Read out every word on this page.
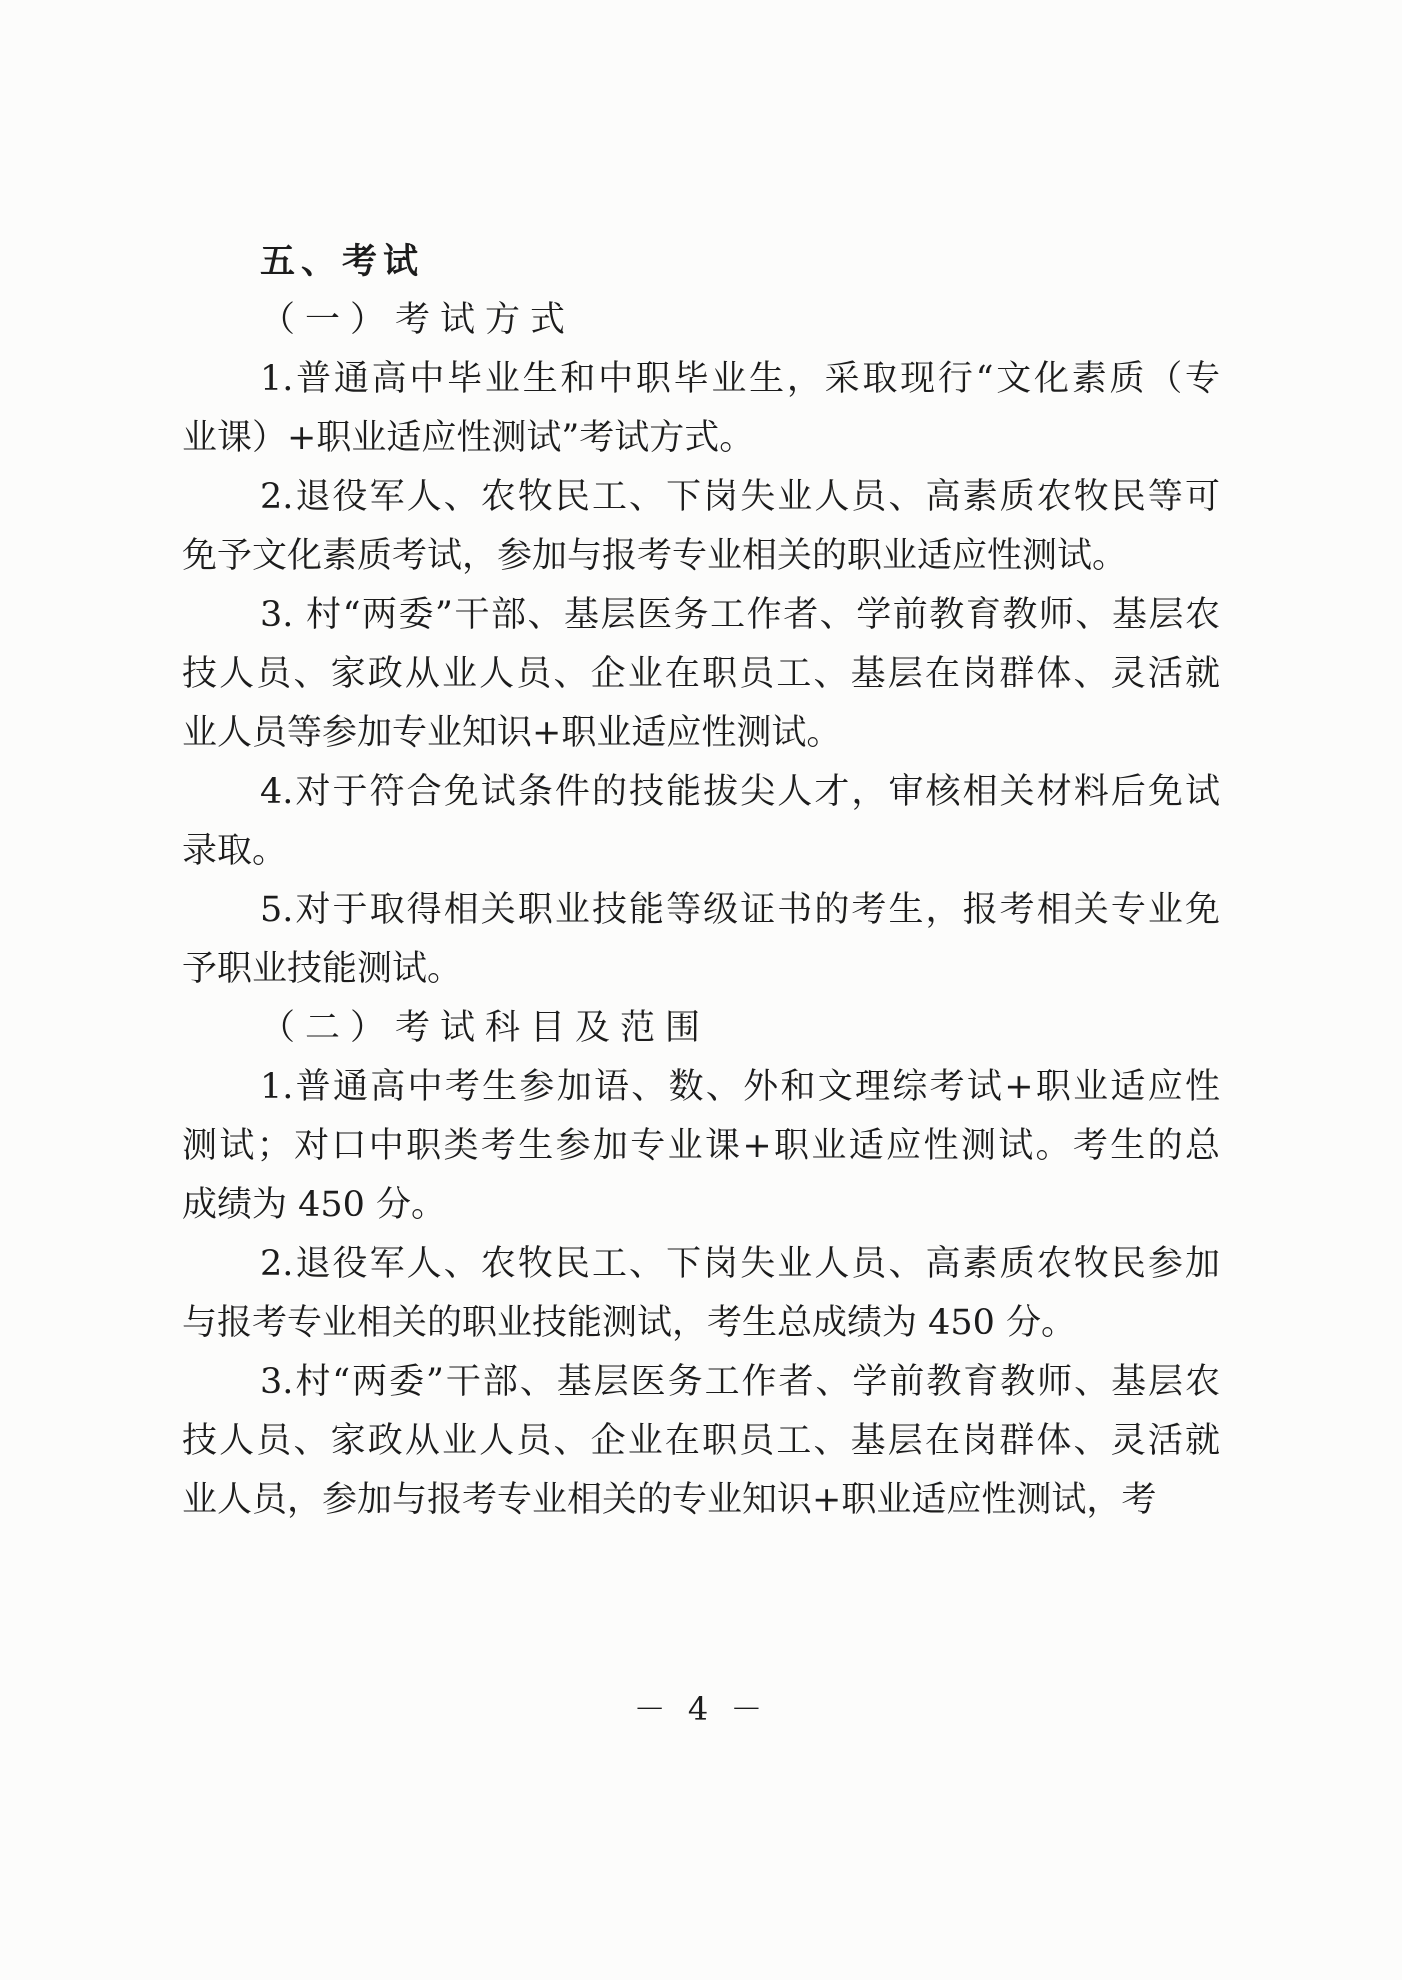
五、考试
（一）考试方式
1.普通高中毕业生和中职毕业生，采取现行“文化素质（专
业课）+职业适应性测试”考试方式。
2.退役军人、农牧民工、下岗失业人员、高素质农牧民等可
免予文化素质考试，参加与报考专业相关的职业适应性测试。
3. 村“两委”干部、基层医务工作者、学前教育教师、基层农
技人员、家政从业人员、企业在职员工、基层在岗群体、灵活就
业人员等参加专业知识+职业适应性测试。
4.对于符合免试条件的技能拔尖人才，审核相关材料后免试
录取。
5.对于取得相关职业技能等级证书的考生，报考相关专业免
予职业技能测试。
（二）考试科目及范围
1.普通高中考生参加语、数、外和文理综考试+职业适应性
测试；对口中职类考生参加专业课+职业适应性测试。考生的总
成绩为 450 分。
2.退役军人、农牧民工、下岗失业人员、高素质农牧民参加
与报考专业相关的职业技能测试，考生总成绩为 450 分。
3.村“两委”干部、基层医务工作者、学前教育教师、基层农
技人员、家政从业人员、企业在职员工、基层在岗群体、灵活就
业人员，参加与报考专业相关的专业知识+职业适应性测试，考
－ 4 －
